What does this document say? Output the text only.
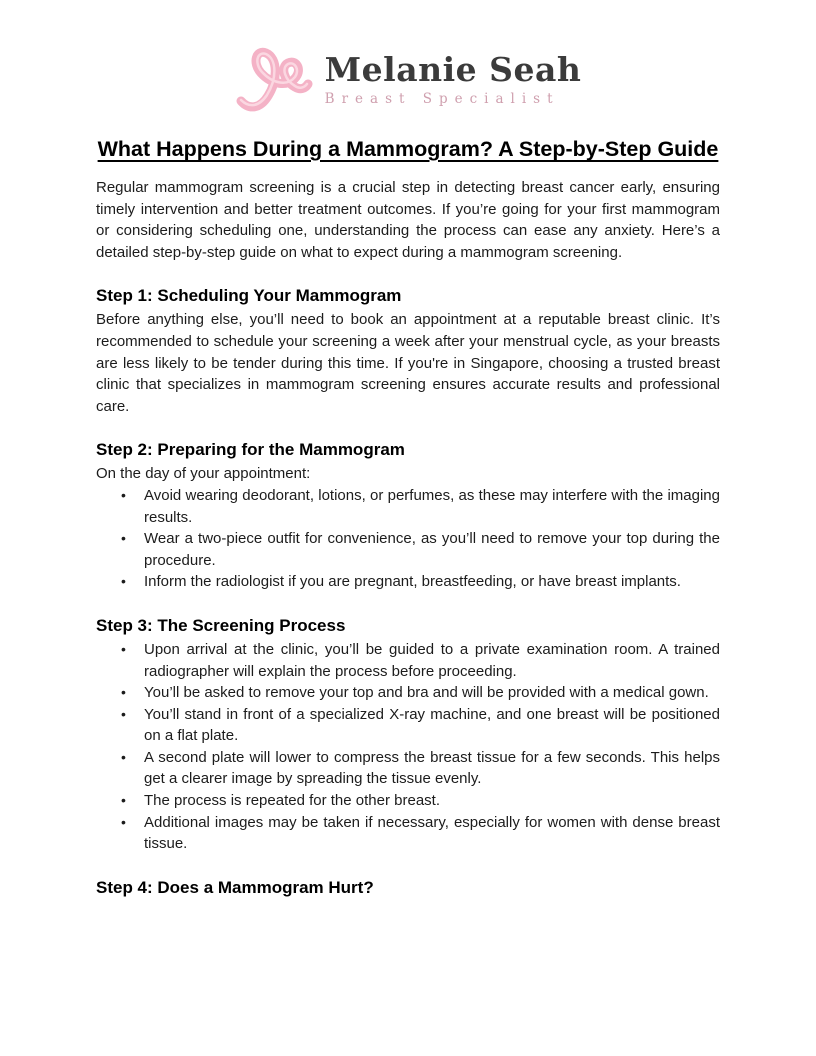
Melanie Seah
Breast Specialist
What Happens During a Mammogram? A Step-by-Step Guide

Regular mammogram screening is a crucial step in detecting breast cancer early, ensuring timely intervention and better treatment outcomes. If you’re going for your first mammogram or considering scheduling one, understanding the process can ease any anxiety. Here’s a detailed step-by-step guide on what to expect during a mammogram screening.

Step 1: Scheduling Your Mammogram

Before anything else, you’ll need to book an appointment at a reputable breast clinic. It’s recommended to schedule your screening a week after your menstrual cycle, as your breasts are less likely to be tender during this time. If you're in Singapore, choosing a trusted breast clinic that specializes in mammogram screening ensures accurate results and professional care.

Step 2: Preparing for the Mammogram

On the day of your appointment:

• Avoid wearing deodorant, lotions, or perfumes, as these may interfere with the imaging results.
• Wear a two-piece outfit for convenience, as you’ll need to remove your top during the procedure.
• Inform the radiologist if you are pregnant, breastfeeding, or have breast implants.
Step 3: The Screening Process
• Upon arrival at the clinic, you’ll be guided to a private examination room. A trained radiographer will explain the process before proceeding.
• You’ll be asked to remove your top and bra and will be provided with a medical gown.
• You’ll stand in front of a specialized X-ray machine, and one breast will be positioned on a flat plate.
• A second plate will lower to compress the breast tissue for a few seconds. This helps get a clearer image by spreading the tissue evenly.
• The process is repeated for the other breast.
• Additional images may be taken if necessary, especially for women with dense breast tissue.
Step 4: Does a Mammogram Hurt?
